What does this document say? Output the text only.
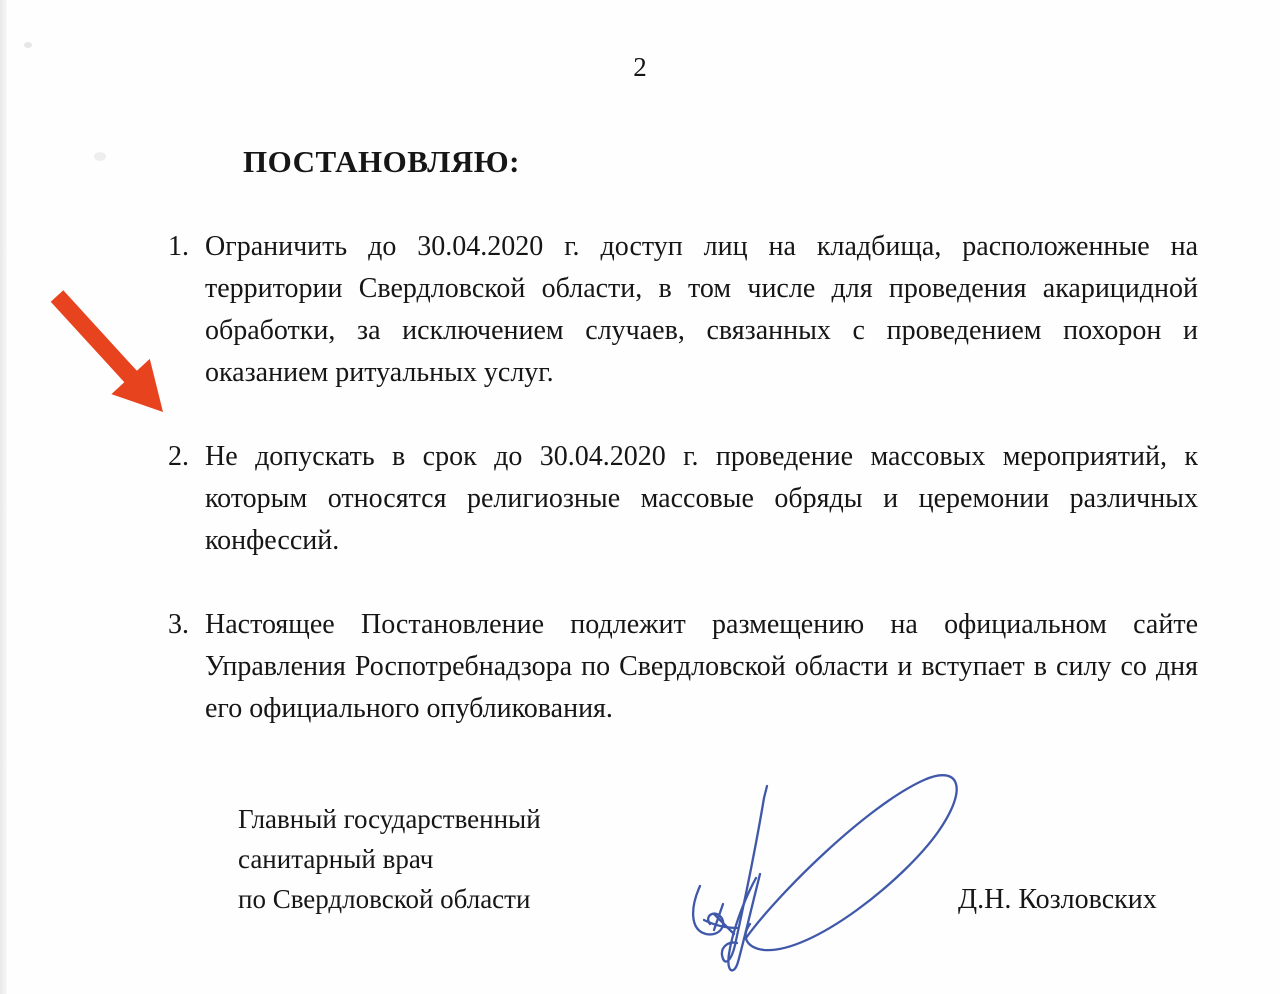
2
ПОСТАНОВЛЯЮ:
1. Ограничить до 30.04.2020 г. доступ лиц на кладбища, расположенные на территории Свердловской области, в том числе для проведения акарицидной обработки, за исключением случаев, связанных с проведением похорон и оказанием ритуальных услуг.
2. Не допускать в срок до 30.04.2020 г. проведение массовых мероприятий, к которым относятся религиозные массовые обряды и церемонии различных конфессий.
3. Настоящее Постановление подлежит размещению на официальном сайте Управления Роспотребнадзора по Свердловской области и вступает в силу со дня его официального опубликования.
Главный государственный
санитарный врач
по Свердловской области	Д.Н. Козловских
